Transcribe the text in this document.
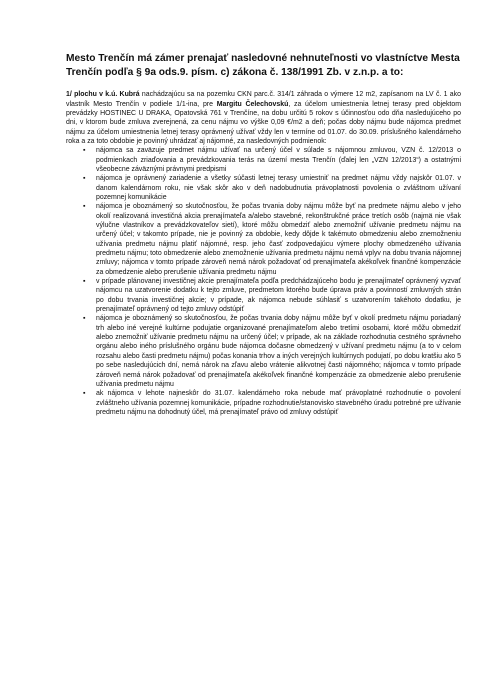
Mesto Trenčín má zámer prenajať nasledovné nehnuteľnosti vo vlastníctve Mesta Trenčín podľa § 9a ods.9. písm. c) zákona č. 138/1991 Zb. v z.n.p. a to:

1/ plochu v k.ú. Kubrá nachádzajúcu sa na pozemku CKN parc.č. 314/1 záhrada o výmere 12 m2, zapísanom na LV č. 1 ako vlastník Mesto Trenčín v podiele 1/1-ina, pre Margitu Čelechovskú, za účelom umiestnenia letnej terasy pred objektom prevádzky HOSTINEC U DRAKA, Opatovská 761 v Trenčíne, na dobu určitú 5 rokov s účinnosťou odo dňa nasledujúceho po dni, v ktorom bude zmluva zverejnená, za cenu nájmu vo výške 0,09 €/m2 a deň; počas doby nájmu bude nájomca predmet nájmu za účelom umiestnenia letnej terasy oprávnený užívať vždy len v termíne od 01.07. do 30.09. príslušného kalendárneho roka a za toto obdobie je povinný uhrádzať aj nájomné, za nasledovných podmienok:

▪ nájomca sa zaväzuje predmet nájmu užívať na určený účel v súlade s nájomnou zmluvou, VZN č. 12/2013 o podmienkach zriaďovania a prevádzkovania terás na území mesta Trenčín (ďalej len „VZN 12/2013“) a ostatnými všeobecne záväznými právnymi predpismi
▪ nájomca je oprávnený zariadenie a všetky súčasti letnej terasy umiestniť na predmet nájmu vždy najskôr 01.07. v danom kalendárnom roku, nie však skôr ako v deň nadobudnutia právoplatnosti povolenia o zvláštnom užívaní pozemnej komunikácie
▪ nájomca je oboznámený so skutočnosťou, že počas trvania doby nájmu môže byť na predmete nájmu alebo v jeho okolí realizovaná investičná akcia prenajímateľa a/alebo stavebné, rekonštrukčné práce tretích osôb (najmä nie však výlučne vlastníkov a prevádzkovateľov sietí), ktoré môžu obmedziť alebo znemožniť užívanie predmetu nájmu na určený účel; v takomto prípade, nie je povinný za obdobie, kedy dôjde k takémuto obmedzeniu alebo znemožneniu užívania predmetu nájmu platiť nájomné, resp. jeho časť zodpovedajúcu výmere plochy obmedzeného užívania predmetu nájmu; toto obmedzenie alebo znemožnenie užívania predmetu nájmu nemá vplyv na dobu trvania nájomnej zmluvy; nájomca v tomto prípade zároveň nemá nárok požadovať od prenajímateľa akékoľvek finančné kompenzácie za obmedzenie alebo prerušenie užívania predmetu nájmu
▪ v prípade plánovanej investičnej akcie prenajímateľa podľa predchádzajúceho bodu je prenajímateľ oprávnený vyzvať nájomcu na uzatvorenie dodatku k tejto zmluve, predmetom ktorého bude úprava práv a povinností zmluvných strán po dobu trvania investičnej akcie; v prípade, ak nájomca nebude súhlasiť s uzatvorením takéhoto dodatku, je prenajímateľ oprávnený od tejto zmluvy odstúpiť
▪ nájomca je oboznámený so skutočnosťou, že počas trvania doby nájmu môže byť v okolí predmetu nájmu poriadaný trh alebo iné verejné kultúrne podujatie organizované prenajímateľom alebo tretími osobami, ktoré môžu obmedziť alebo znemožniť užívanie predmetu nájmu na určený účel; v prípade, ak na základe rozhodnutia cestného správneho orgánu alebo iného príslušného orgánu bude nájomca dočasne obmedzený v užívaní predmetu nájmu (a to v celom rozsahu alebo časti predmetu nájmu) počas konania trhov a iných verejných kultúrnych podujatí, po dobu kratšiu ako 5 po sebe nasledujúcich dní, nemá nárok na zľavu alebo vrátenie alikvotnej časti nájomného; nájomca v tomto prípade zároveň nemá nárok požadovať od prenajímateľa akékoľvek finančné kompenzácie za obmedzenie alebo prerušenie užívania predmetu nájmu
▪ ak nájomca v lehote najneskôr do 31.07. kalendárneho roka nebude mať právoplatné rozhodnutie o povolení zvláštneho užívania pozemnej komunikácie, prípadne rozhodnutie/stanovisko stavebného úradu potrebné pre užívanie predmetu nájmu na dohodnutý účel, má prenajímateľ právo od zmluvy odstúpiť
